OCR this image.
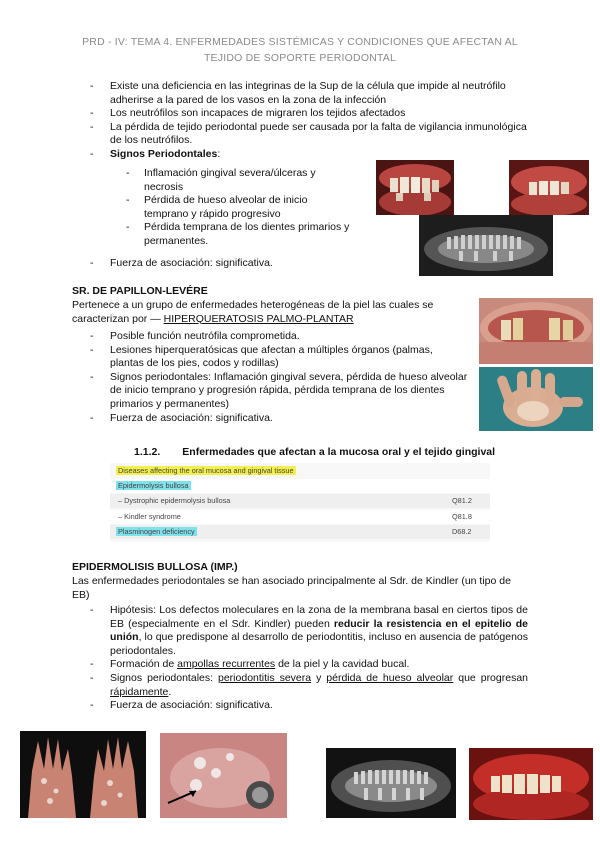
PRD - IV: TEMA 4. ENFERMEDADES SISTÉMICAS Y CONDICIONES QUE AFECTAN AL
TEJIDO DE SOPORTE PERIODONTAL
- Existe una deficiencia en las integrinas de la Sup de la célula que impide al neutrófilo adherirse a la pared de los vasos en la zona de la infección
- Los neutrófilos son incapaces de migraren los tejidos afectados
- La pérdida de tejido periodontal puede ser causada por la falta de vigilancia inmunológica de los neutrófilos.
- Signos Periodontales:
- Inflamación gingival severa/úlceras y necrosis
- Pérdida de hueso alveolar de inicio temprano y rápido progresivo
- Pérdida temprana de los dientes primarios y permanentes.
- Fuerza de asociación: significativa.
SR. DE PAPILLON-LEVÉRE
Pertenece a un grupo de enfermedades heterogéneas de la piel las cuales se
caracterizan por — HIPERQUERATOSIS PALMO-PLANTAR
- Posible función neutrófila comprometida.
- Lesiones hiperqueratósicas que afectan a múltiples órganos (palmas, plantas de los pies, codos y rodillas)
- Signos periodontales: Inflamación gingival severa, pérdida de hueso alveolar de inicio temprano y progresión rápida, pérdida temprana de los dientes primarios y permanentes)
- Fuerza de asociación: significativa.
1.1.2. Enfermedades que afectan a la mucosa oral y el tejido gingival
Diseases affecting the oral mucosa and gingival tissue
Epidermolysis bullosa
– Dystrophic epidermolysis bullosa	Q81.2
– Kindler syndrome	Q81.8
Plasminogen deficiency	D68.2
EPIDERMOLISIS BULLOSA (IMP.)
Las enfermedades periodontales se han asociado principalmente al Sdr. de Kindler (un tipo de EB)
- Hipótesis: Los defectos moleculares en la zona de la membrana basal en ciertos tipos de EB (especialmente en el Sdr. Kindler) pueden reducir la resistencia en el epitelio de unión, lo que predispone al desarrollo de periodontitis, incluso en ausencia de patógenos periodontales.
- Formación de ampollas recurrentes de la piel y la cavidad bucal.
- Signos periodontales: periodontitis severa y pérdida de hueso alveolar que progresan rápidamente.
- Fuerza de asociación: significativa.
